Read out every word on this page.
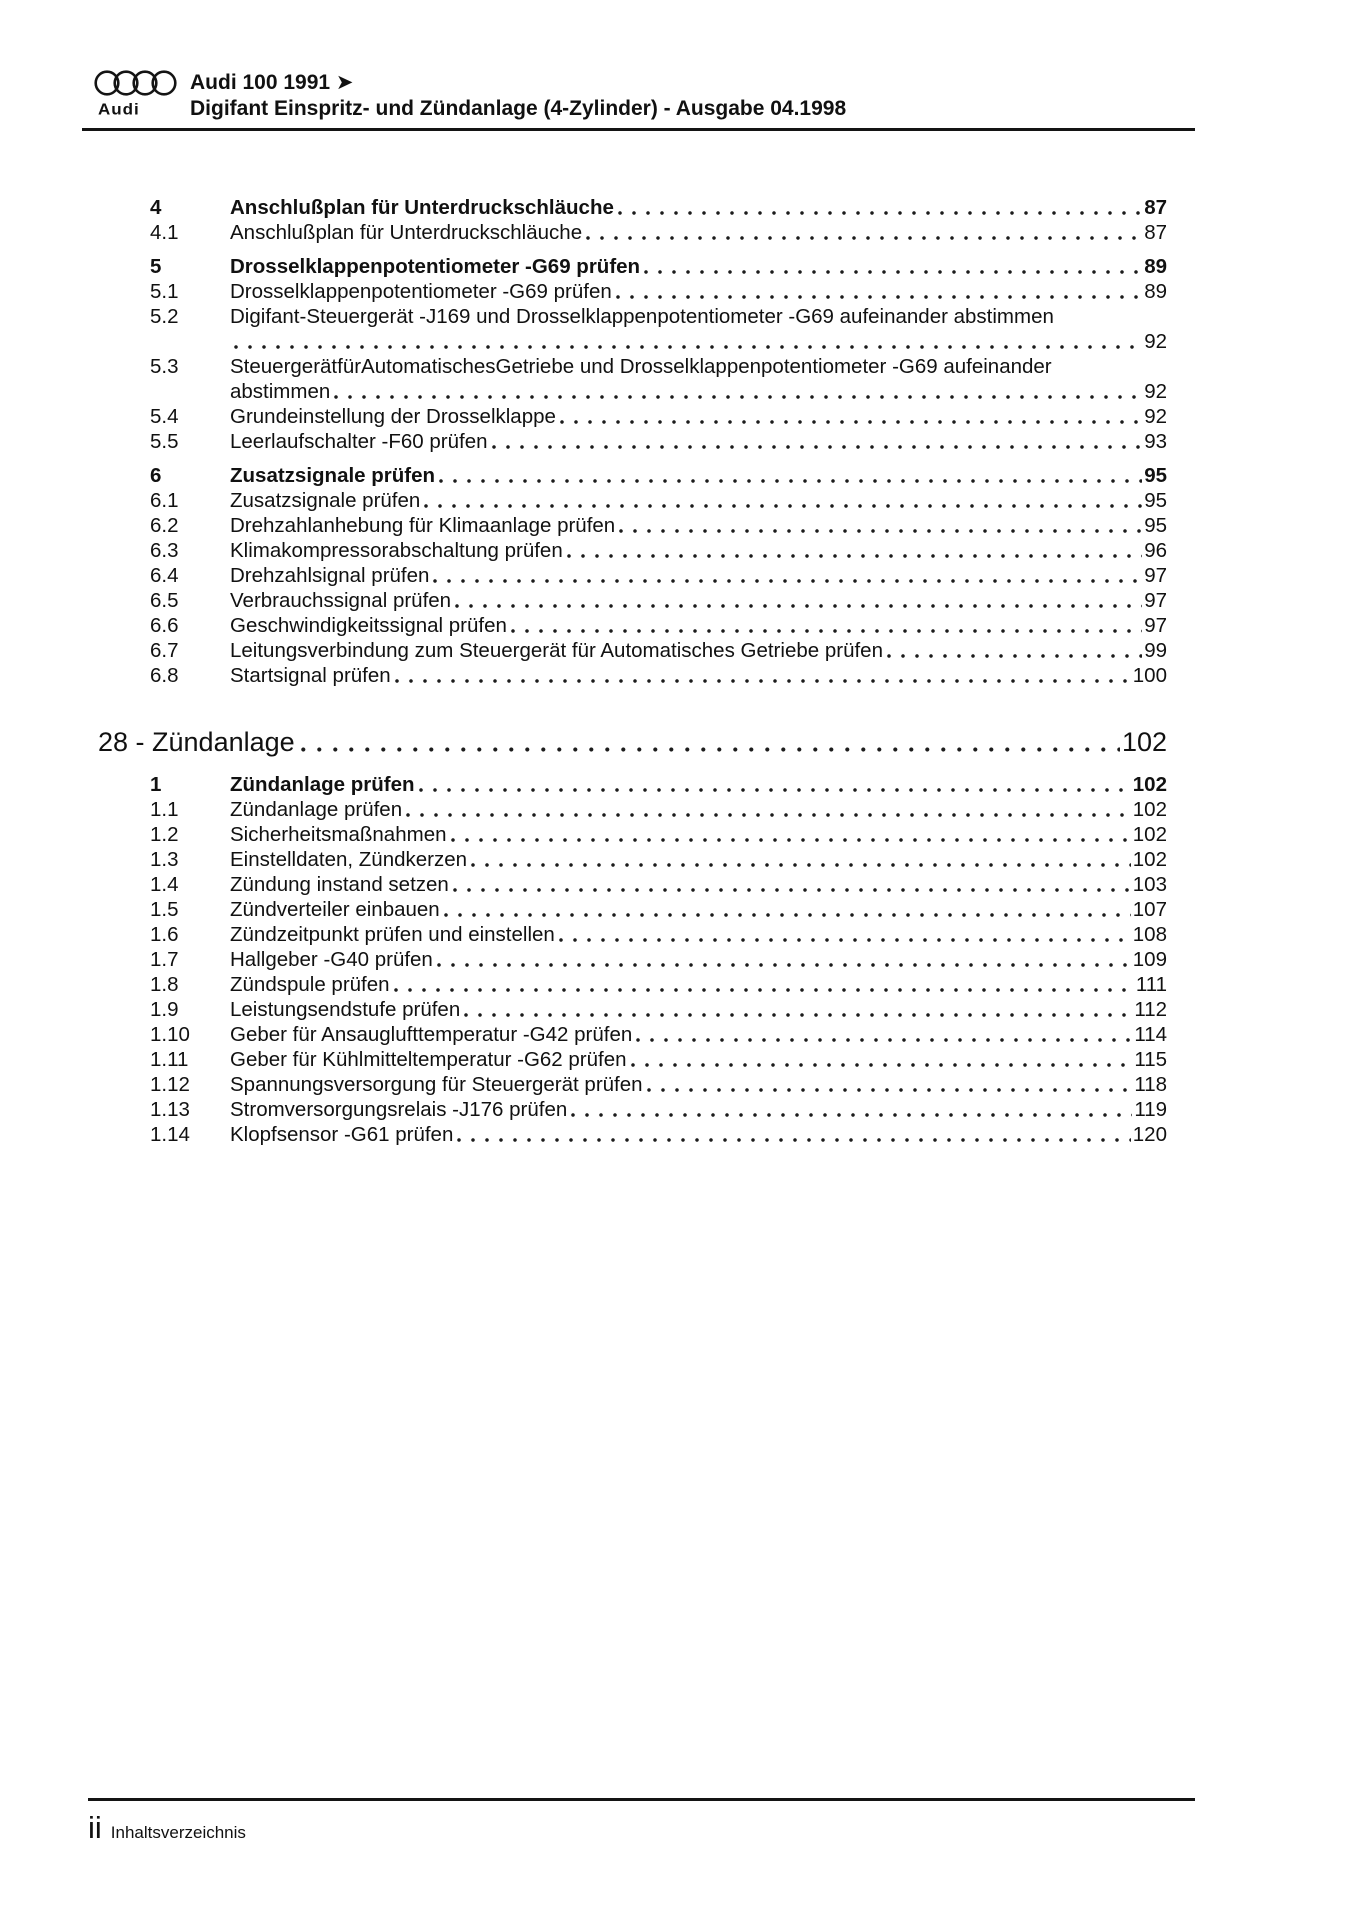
Audi
Audi 100 1991 ➤
Digifant Einspritz- und Zündanlage (4-Zylinder) - Ausgabe 04.1998
4	Anschlußplan für Unterdruckschläuche	87
4.1	Anschlußplan für Unterdruckschläuche	87
5	Drosselklappenpotentiometer -G69 prüfen	89
5.1	Drosselklappenpotentiometer -G69 prüfen	89
5.2	Digifant-Steuergerät -J169 und Drosselklappenpotentiometer -G69 aufeinander abstimmen
92
5.3	SteuergerätfürAutomatischesGetriebe und Drosselklappenpotentiometer -G69 aufeinander
abstimmen	92
5.4	Grundeinstellung der Drosselklappe	92
5.5	Leerlaufschalter -F60 prüfen	93
6	Zusatzsignale prüfen	95
6.1	Zusatzsignale prüfen	95
6.2	Drehzahlanhebung für Klimaanlage prüfen	95
6.3	Klimakompressorabschaltung prüfen	96
6.4	Drehzahlsignal prüfen	97
6.5	Verbrauchssignal prüfen	97
6.6	Geschwindigkeitssignal prüfen	97
6.7	Leitungsverbindung zum Steuergerät für Automatisches Getriebe prüfen	99
6.8	Startsignal prüfen	100
28 - Zündanlage	102
1	Zündanlage prüfen	102
1.1	Zündanlage prüfen	102
1.2	Sicherheitsmaßnahmen	102
1.3	Einstelldaten, Zündkerzen	102
1.4	Zündung instand setzen	103
1.5	Zündverteiler einbauen	107
1.6	Zündzeitpunkt prüfen und einstellen	108
1.7	Hallgeber -G40 prüfen	109
1.8	Zündspule prüfen	111
1.9	Leistungsendstufe prüfen	112
1.10	Geber für Ansauglufttemperatur -G42 prüfen	114
1.11	Geber für Kühlmitteltemperatur -G62 prüfen	115
1.12	Spannungsversorgung für Steuergerät prüfen	118
1.13	Stromversorgungsrelais -J176 prüfen	119
1.14	Klopfsensor -G61 prüfen	120
ii Inhaltsverzeichnis
